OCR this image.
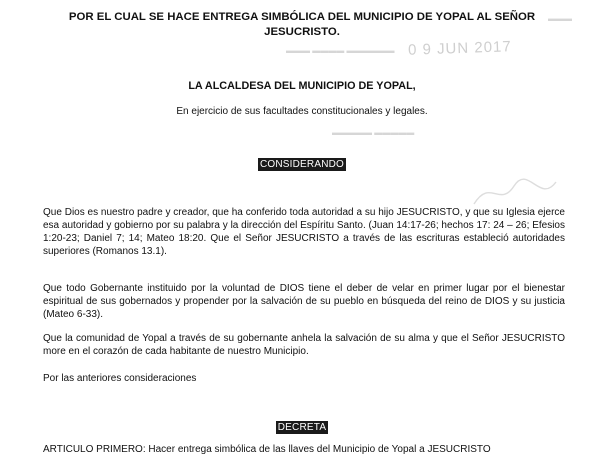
0 9 JUN 2017
▬▬▬ ▬▬▬▬ ▬▬▬▬▬▬
▬▬▬▬▬ ▬▬▬▬▬
▬▬▬
POR EL CUAL SE HACE ENTREGA SIMBÓLICA DEL MUNICIPIO DE YOPAL AL SEÑOR JESUCRISTO.
LA ALCALDESA DEL MUNICIPIO DE YOPAL,
En ejercicio de sus facultades constitucionales y legales.
CONSIDERANDO

Que Dios es nuestro padre y creador, que ha conferido toda autoridad a su hijo JESUCRISTO, y que su Iglesia ejerce esa autoridad y gobierno por su palabra y la dirección del Espíritu Santo. (Juan 14:17-26; hechos 17: 24 – 26; Efesios 1:20-23; Daniel 7; 14; Mateo 18:20. Que el Señor JESUCRISTO a través de las escrituras estableció autoridades superiores (Romanos 13.1).

Que todo Gobernante instituido por la voluntad de DIOS tiene el deber de velar en primer lugar por el bienestar espiritual de sus gobernados y propender por la salvación de su pueblo en búsqueda del reino de DIOS y su justicia (Mateo 6-33).

Que la comunidad de Yopal a través de su gobernante anhela la salvación de su alma y que el Señor JESUCRISTO more en el corazón de cada habitante de nuestro Municipio.

Por las anteriores consideraciones

DECRETA

ARTICULO PRIMERO: Hacer entrega simbólica de las llaves del Municipio de Yopal a JESUCRISTO
